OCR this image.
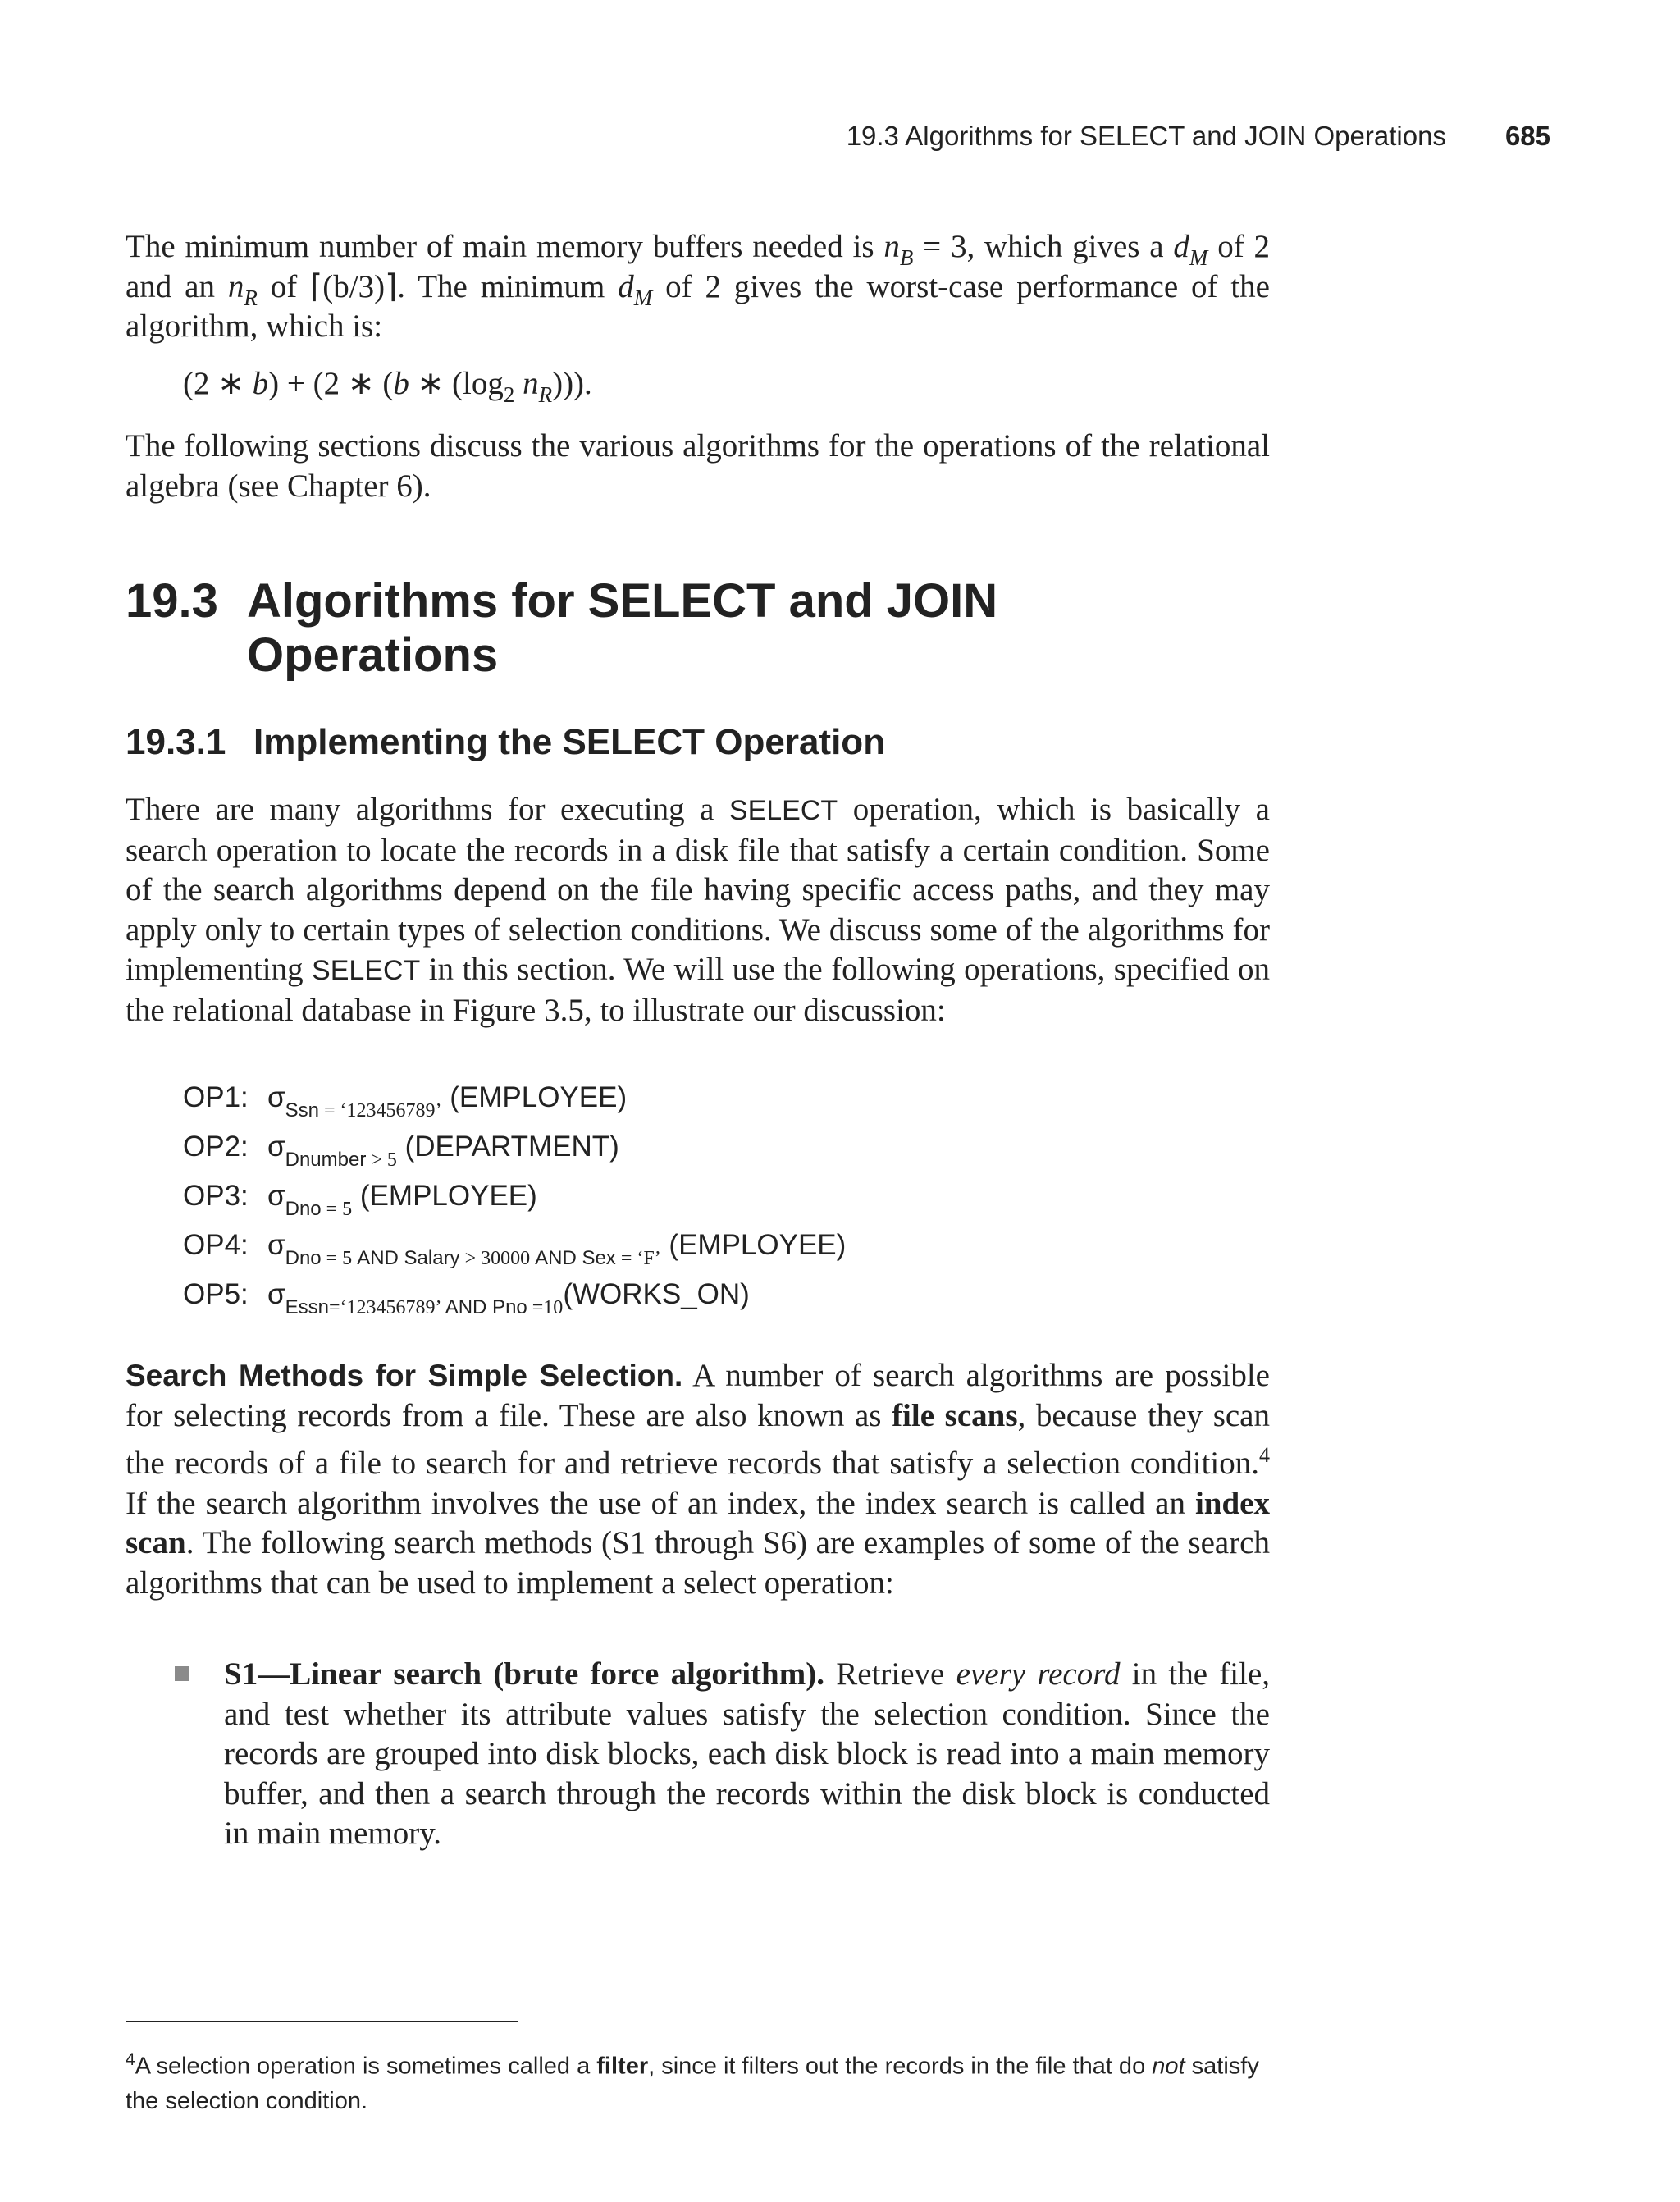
19.3 Algorithms for SELECT and JOIN Operations 685

The minimum number of main memory buffers needed is $n_B = 3$, which gives a $d_M$ of 2 and an $n_R$ of ⌈(b/3)⌉. The minimum $d_M$ of 2 gives the worst-case performance of the algorithm, which is:

(2 ∗ b) + (2 ∗ (b ∗ ($\log_2$ $n_R$))).

The following sections discuss the various algorithms for the operations of the relational algebra (see Chapter 6).

19.3 Algorithms for SELECT and JOIN
Operations
19.3.1 Implementing the SELECT Operation

There are many algorithms for executing a SELECT operation, which is basically a search operation to locate the records in a disk file that satisfy a certain condition. Some of the search algorithms depend on the file having specific access paths, and they may apply only to certain types of selection conditions. We discuss some of the algorithms for implementing SELECT in this section. We will use the following operations, specified on the relational database in Figure 3.5, to illustrate our discussion:

OP1: $\sigma_{Ssn = ‘123456789’}$ (EMPLOYEE)
OP2: $\sigma_{Dnumber > 5}$ (DEPARTMENT)
OP3: $\sigma_{Dno = 5}$ (EMPLOYEE)
OP4: $\sigma_{Dno = 5 AND Salary > 30000 AND Sex = ‘F’}$ (EMPLOYEE)
OP5: $\sigma_{Essn=‘123456789’ AND Pno =10}(WORKS\_ON)$

Search Methods for Simple Selection. A number of search algorithms are possible for selecting records from a file. These are also known as file scans, because they scan the records of a file to search for and retrieve records that satisfy a selection condition.$^4$ If the search algorithm involves the use of an index, the index search is called an index scan. The following search methods (S1 through S6) are examples of some of the search algorithms that can be used to implement a select operation:

S1—Linear search (brute force algorithm). Retrieve every record in the file, and test whether its attribute values satisfy the selection condition. Since the records are grouped into disk blocks, each disk block is read into a main memory buffer, and then a search through the records within the disk block is conducted in main memory.
$^4$A selection operation is sometimes called a filter, since it filters out the records in the file that do not satisfy the selection condition.
